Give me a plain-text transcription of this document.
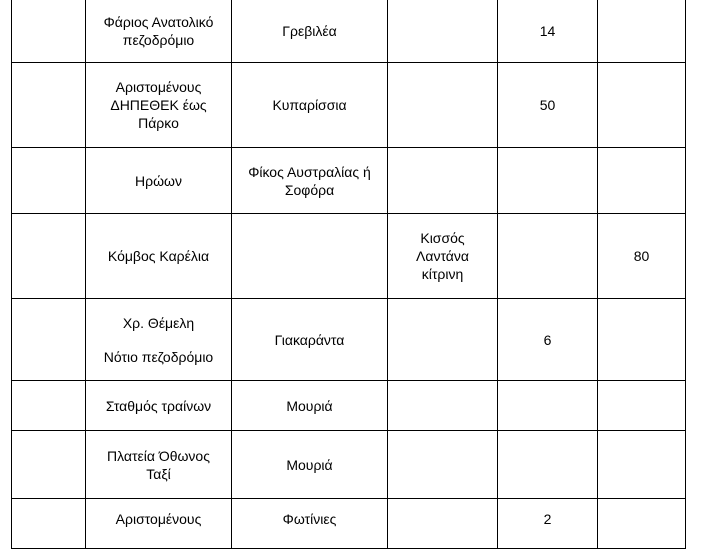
	Φάριος Ανατολικό
πεζοδρόμιο	Γρεβιλέα		14	

	Αριστομένους
ΔΗΠΕΘΕΚ έως
Πάρκο	Κυπαρίσσια		50	

	Ηρώων	Φίκος Αυστραλίας ή
Σοφόρα			

	Κόμβος Καρέλια		Κισσός
Λαντάνα
κίτρινη		80

	Χρ. Θέμελη
Νότιο πεζοδρόμιο	Γιακαράντα		6	

	Σταθμός τραίνων	Μουριά			

	Πλατεία Όθωνος
Ταξί	Μουριά			

	Αριστομένους	Φωτίνιες		2	
